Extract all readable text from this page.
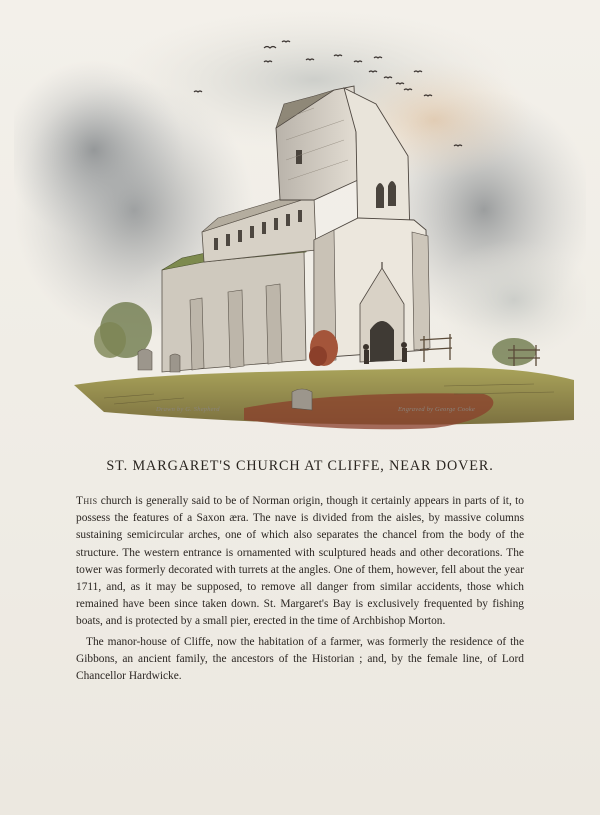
Drawn by G. Shepherd	Engraved by George Cooke
ST. MARGARET'S CHURCH AT CLIFFE, NEAR DOVER.

This church is generally said to be of Norman origin, though it certainly appears in parts of it, to possess the features of a Saxon æra. The nave is divided from the aisles, by massive columns sustaining semicircular arches, one of which also separates the chancel from the body of the structure. The western entrance is ornamented with sculptured heads and other decorations. The tower was formerly decorated with turrets at the angles. One of them, however, fell about the year 1711, and, as it may be supposed, to remove all danger from similar accidents, those which remained have been since taken down. St. Margaret's Bay is exclusively frequented by fishing boats, and is protected by a small pier, erected in the time of Archbishop Morton.

The manor-house of Cliffe, now the habitation of a farmer, was formerly the residence of the Gibbons, an ancient family, the ancestors of the Historian ; and, by the female line, of Lord Chancellor Hardwicke.
